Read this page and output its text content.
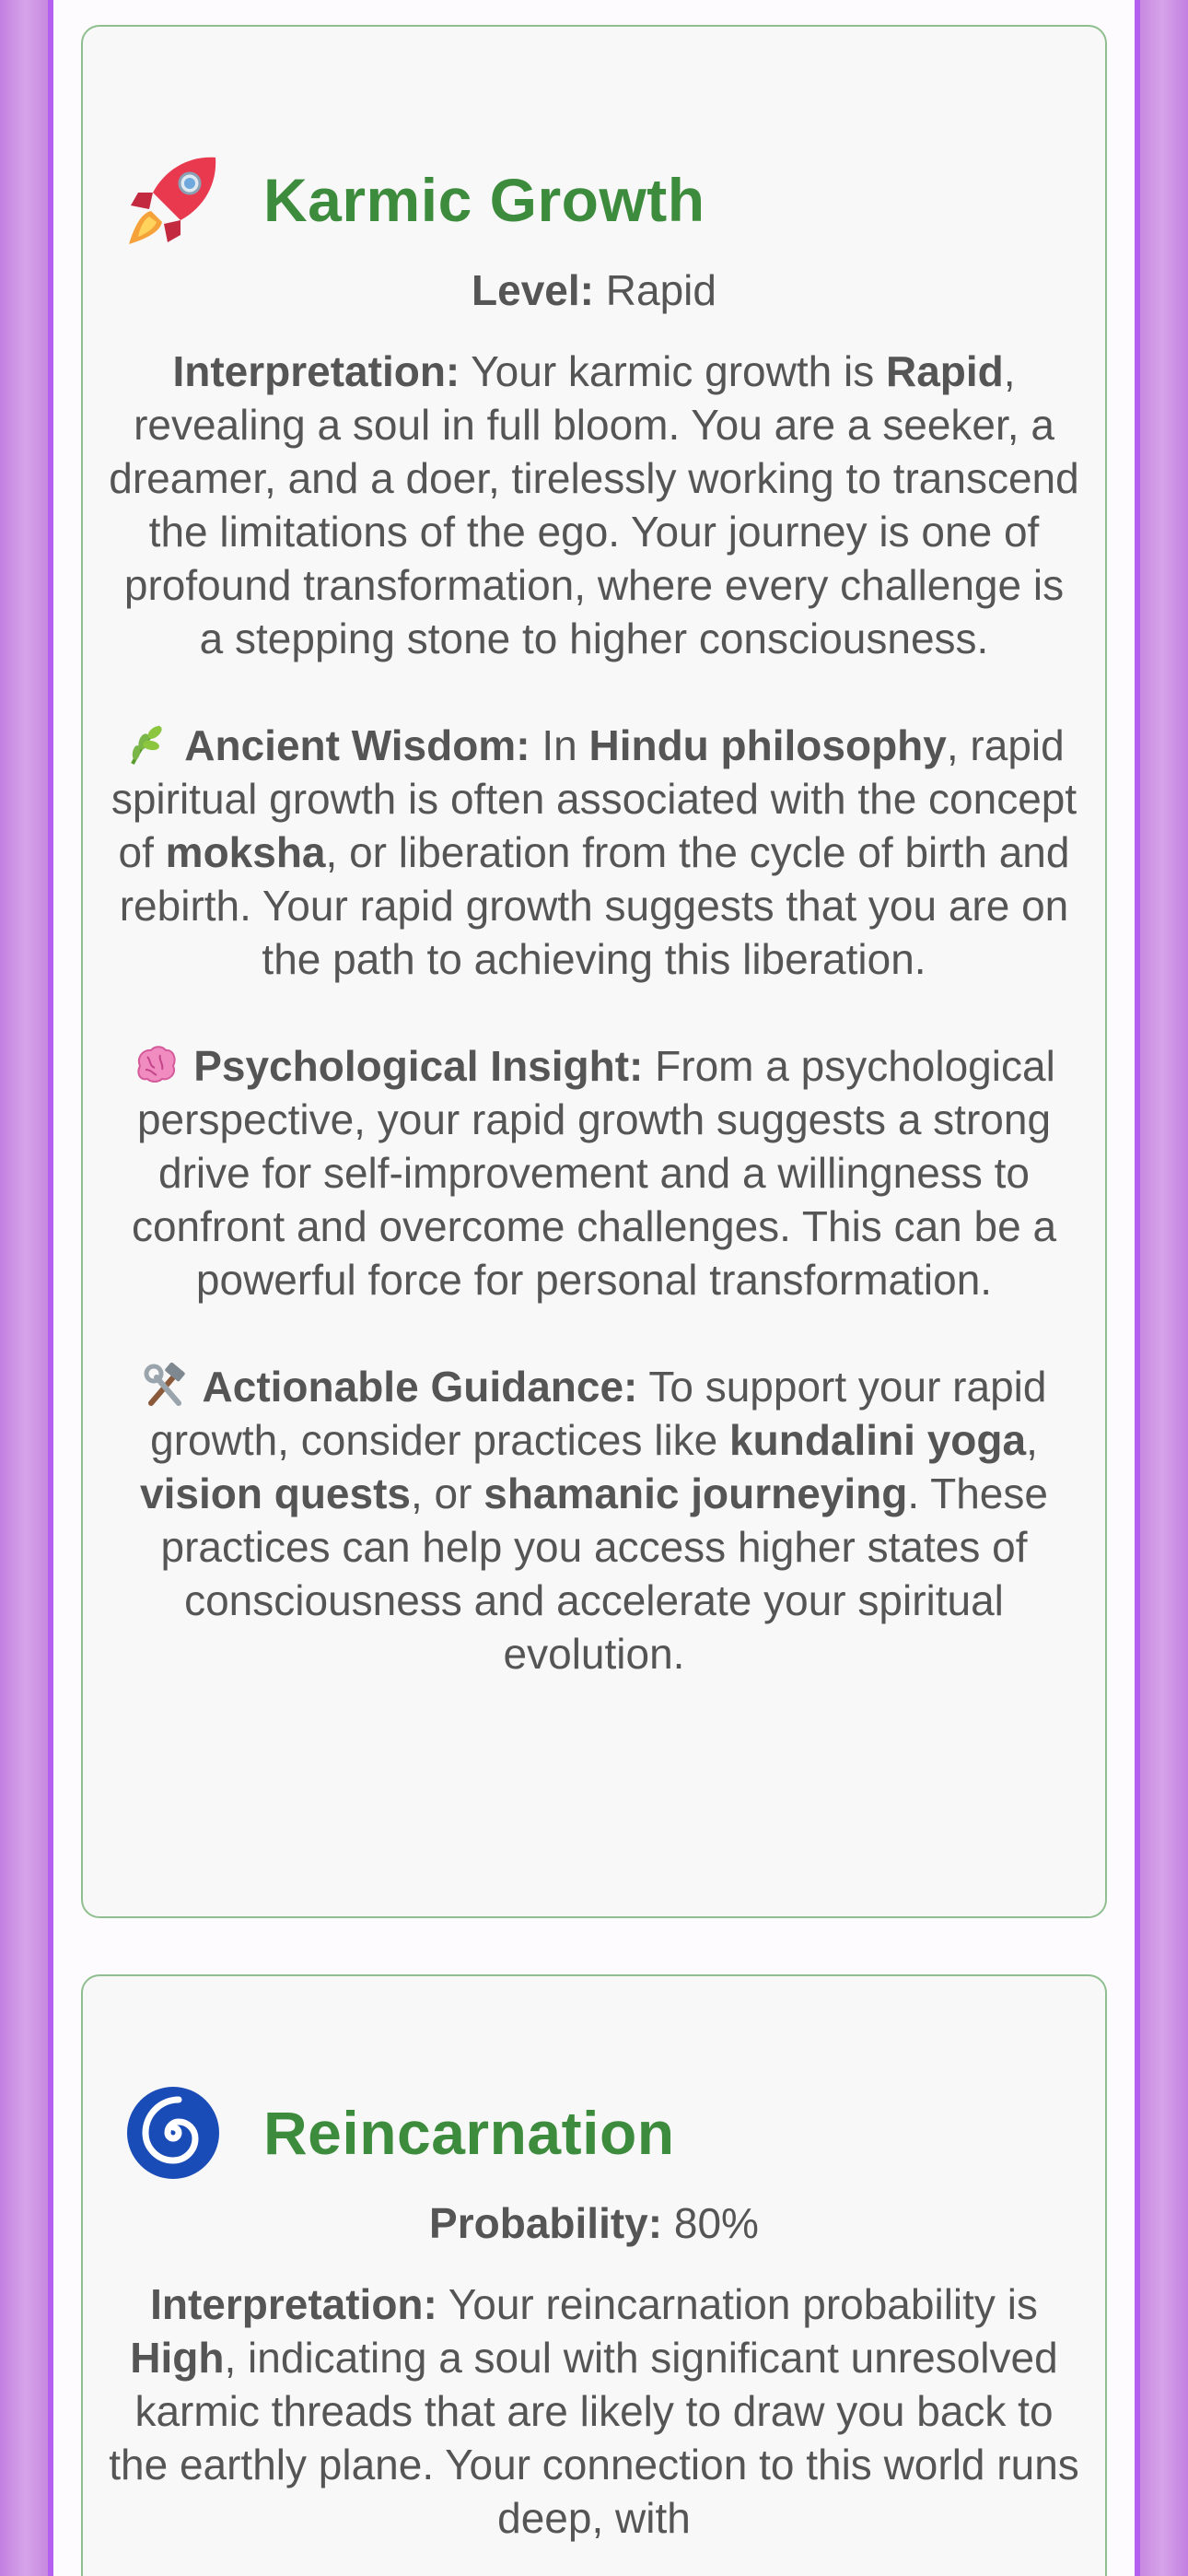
Karmic Growth
Level: Rapid

Interpretation: Your karmic growth is Rapid, revealing a soul in full bloom. You are a seeker, a dreamer, and a doer, tirelessly working to transcend the limitations of the ego. Your journey is one of profound transformation, where every challenge is a stepping stone to higher consciousness.

Ancient Wisdom: In Hindu philosophy, rapid spiritual growth is often associated with the concept of moksha, or liberation from the cycle of birth and rebirth. Your rapid growth suggests that you are on the path to achieving this liberation.

Psychological Insight: From a psychological perspective, your rapid growth suggests a strong drive for self-improvement and a willingness to confront and overcome challenges. This can be a powerful force for personal transformation.

Actionable Guidance: To support your rapid growth, consider practices like kundalini yoga, vision quests, or shamanic journeying. These practices can help you access higher states of consciousness and accelerate your spiritual evolution.

Reincarnation
Probability: 80%

Interpretation: Your reincarnation probability is High, indicating a soul with significant unresolved karmic threads that are likely to draw you back to the earthly plane. Your connection to this world runs deep, with
